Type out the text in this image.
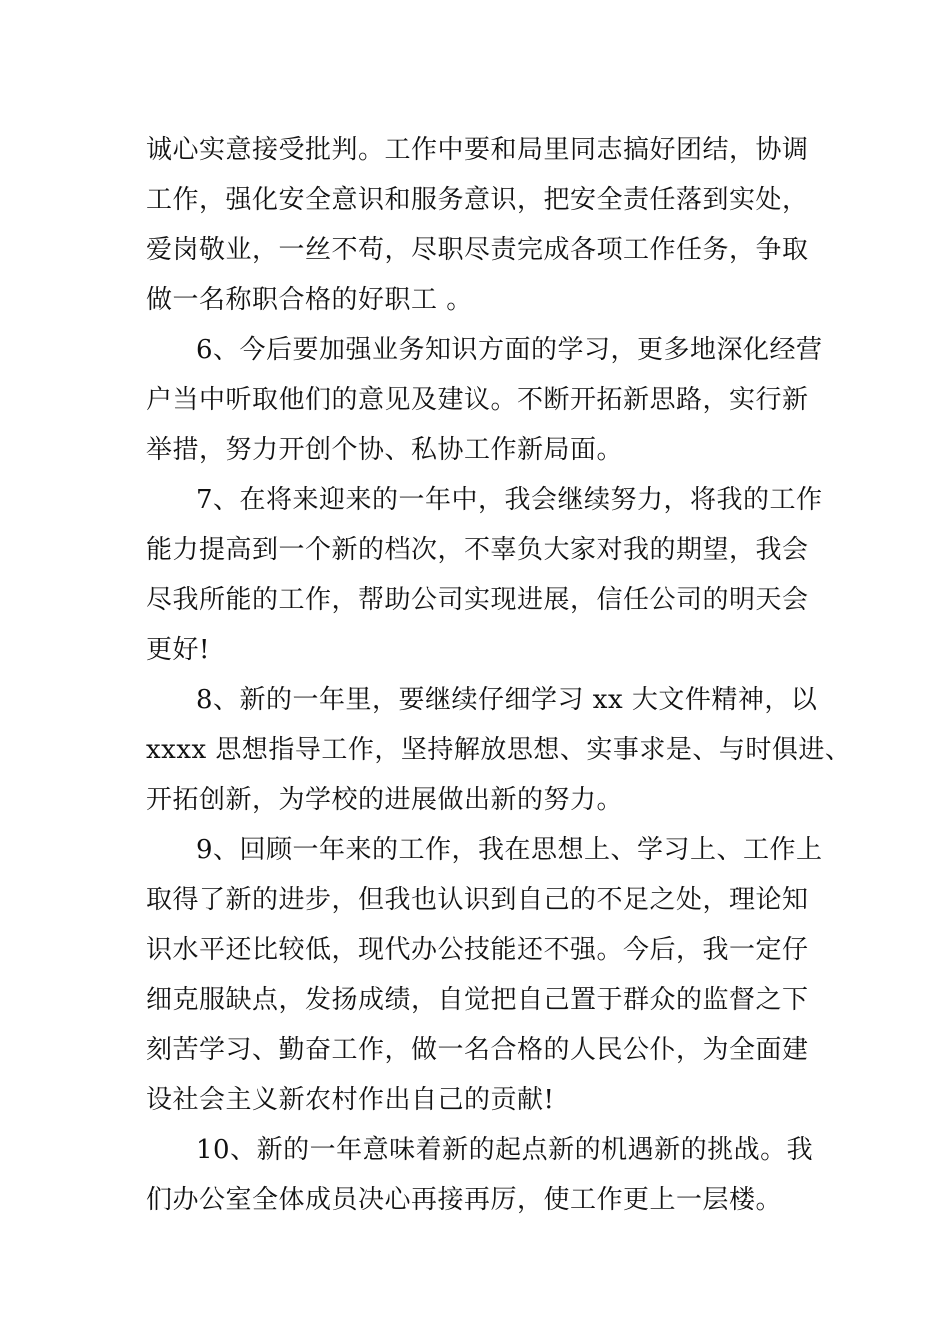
诚心实意接受批判。工作中要和局里同志搞好团结，协调
工作，强化安全意识和服务意识，把安全责任落到实处，
爱岗敬业，一丝不苟，尽职尽责完成各项工作任务，争取
做一名称职合格的好职工 。
6、今后要加强业务知识方面的学习，更多地深化经营
户当中听取他们的意见及建议。不断开拓新思路，实行新
举措，努力开创个协、私协工作新局面。
7、在将来迎来的一年中，我会继续努力，将我的工作
能力提高到一个新的档次，不辜负大家对我的期望，我会
尽我所能的工作，帮助公司实现进展，信任公司的明天会
更好!
8、新的一年里，要继续仔细学习 xx 大文件精神，以
xxxx 思想指导工作，坚持解放思想、实事求是、与时俱进、
开拓创新，为学校的进展做出新的努力。
9、回顾一年来的工作，我在思想上、学习上、工作上
取得了新的进步，但我也认识到自己的不足之处，理论知
识水平还比较低，现代办公技能还不强。今后，我一定仔
细克服缺点，发扬成绩，自觉把自己置于群众的监督之下
刻苦学习、勤奋工作，做一名合格的人民公仆，为全面建
设社会主义新农村作出自己的贡献!
10、新的一年意味着新的起点新的机遇新的挑战。我
们办公室全体成员决心再接再厉，使工作更上一层楼。
